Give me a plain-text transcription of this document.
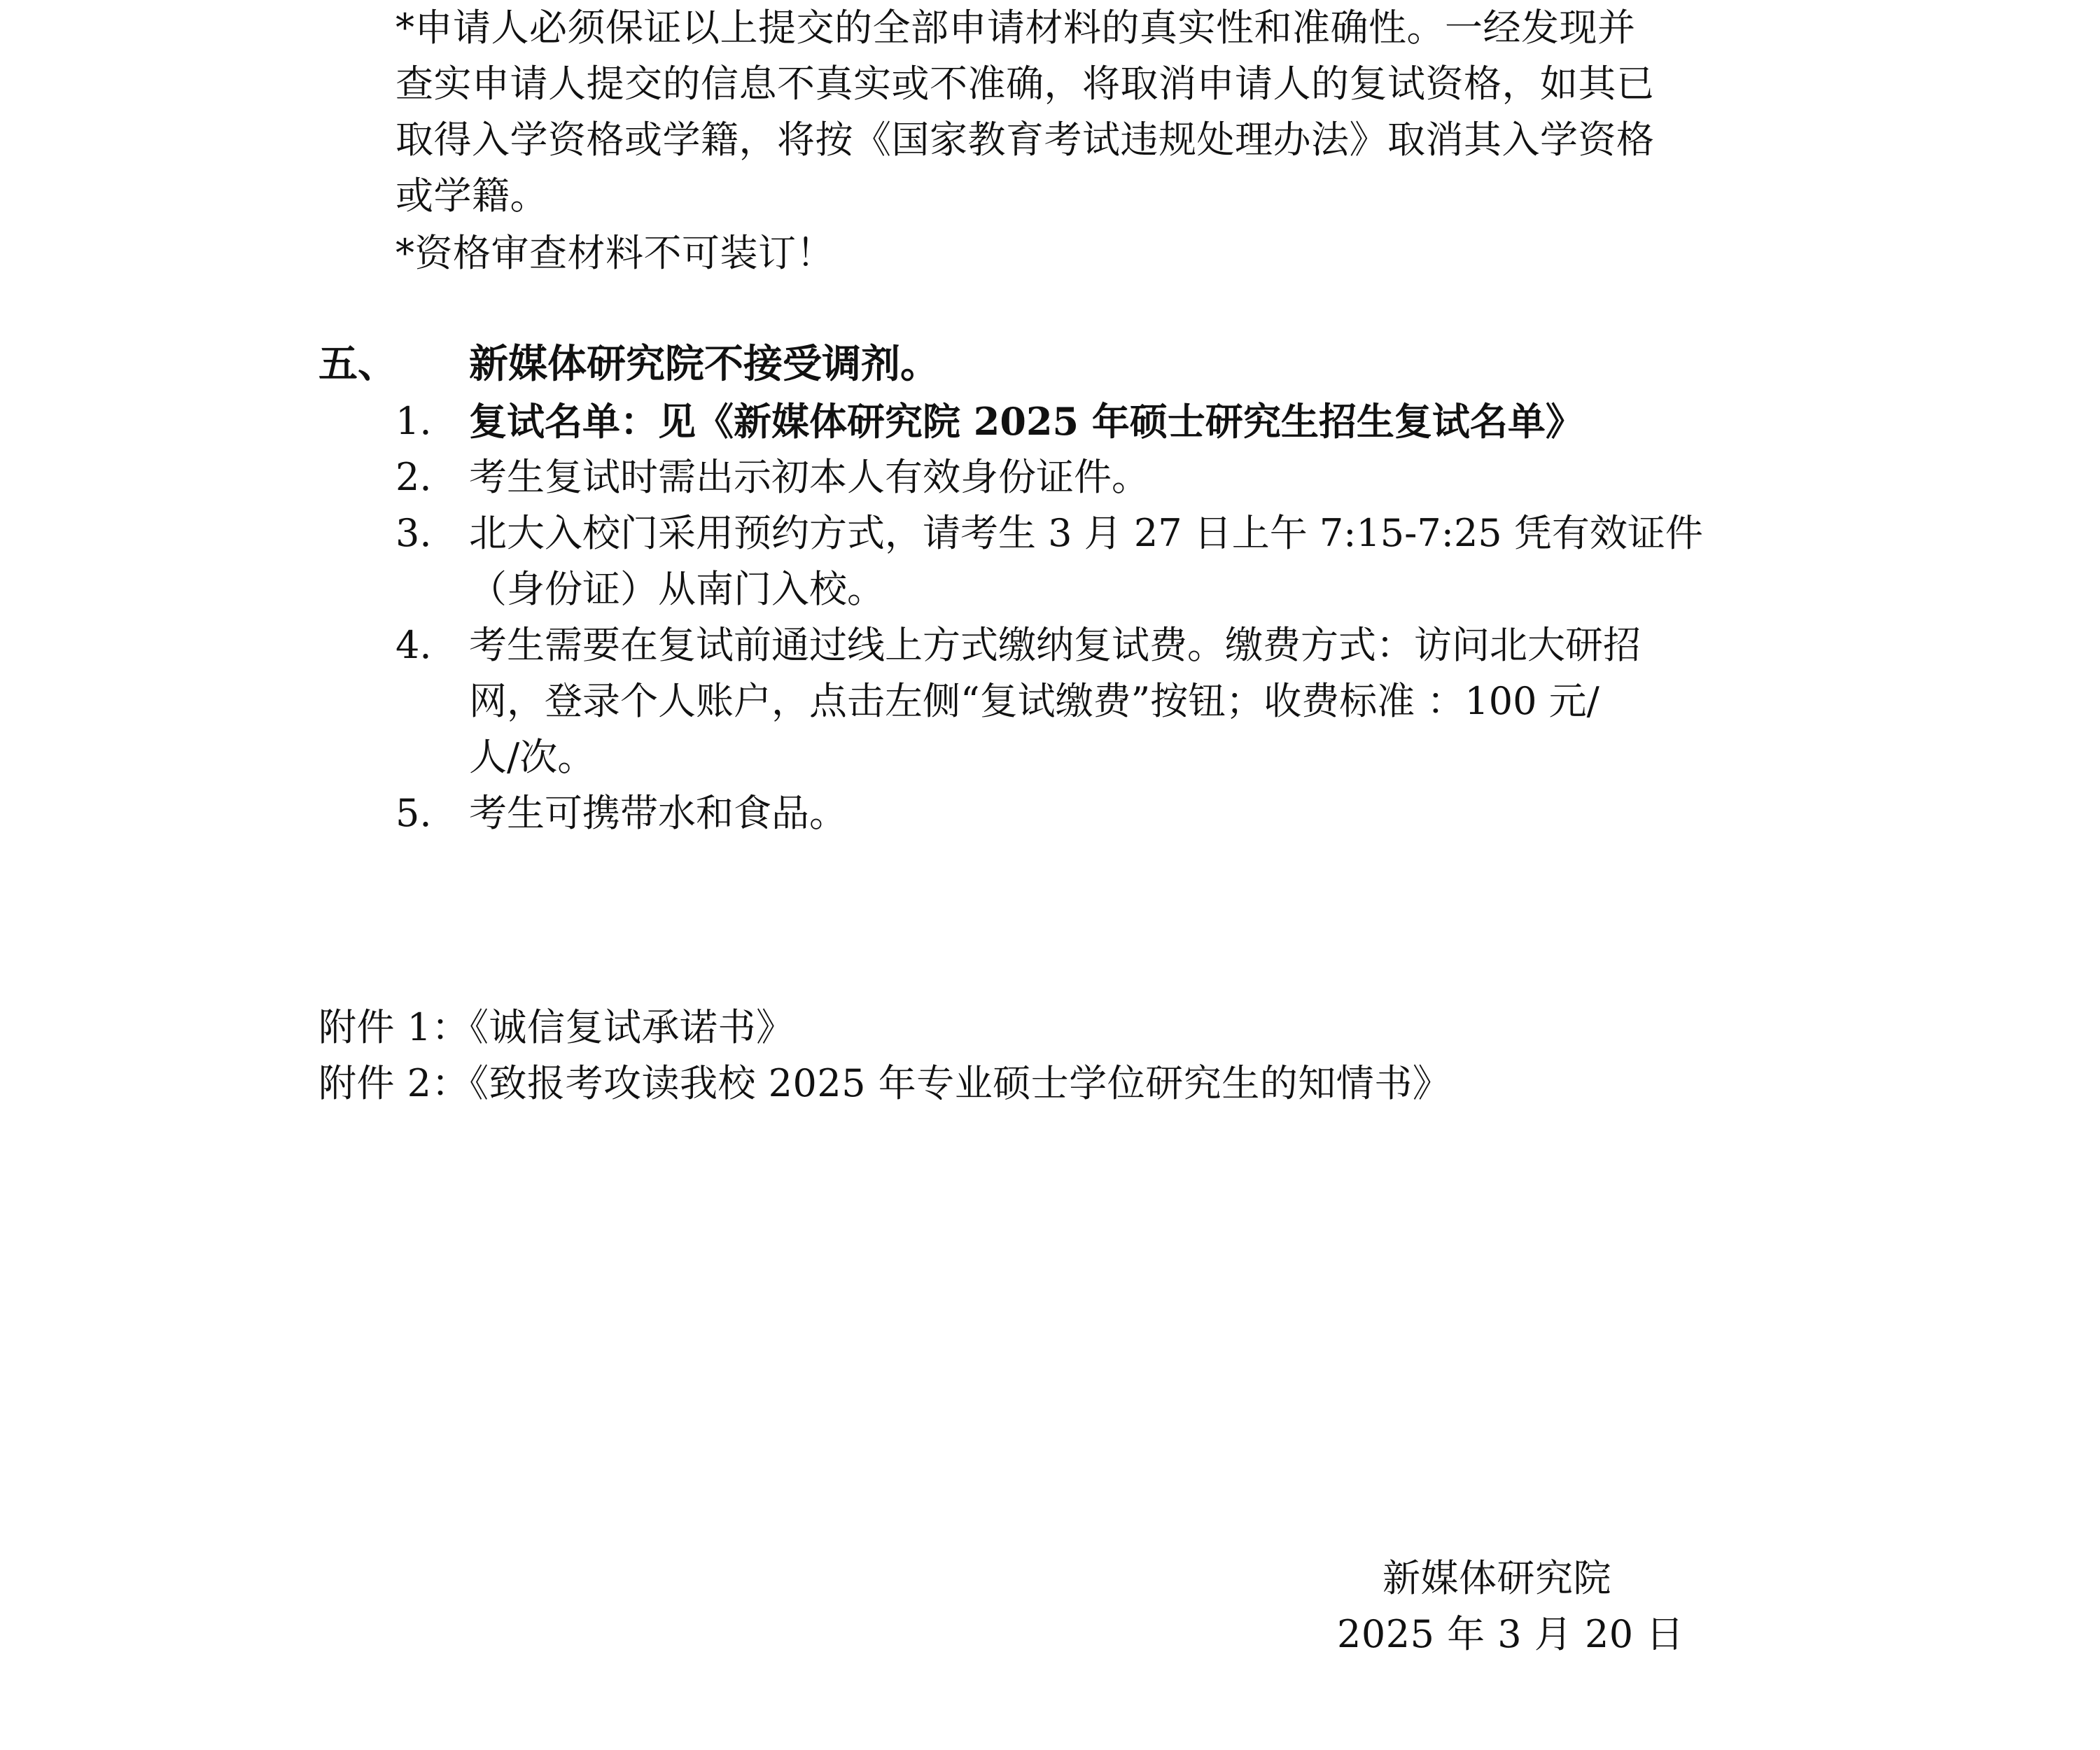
*申请人必须保证以上提交的全部申请材料的真实性和准确性。一经发现并
查实申请人提交的信息不真实或不准确，将取消申请人的复试资格，如其已
取得入学资格或学籍，将按《国家教育考试违规处理办法》取消其入学资格
或学籍。
*资格审查材料不可装订！
五、 新媒体研究院不接受调剂。
1. 复试名单：见《新媒体研究院 2025 年硕士研究生招生复试名单》
2. 考生复试时需出示初本人有效身份证件。
3. 北大入校门采用预约方式，请考生 3 月 27 日上午 7:15-7:25 凭有效证件
（身份证）从南门入校。
4. 考生需要在复试前通过线上方式缴纳复试费。缴费方式：访问北大研招
网，登录个人账户，点击左侧“复试缴费”按钮；收费标准 ：100 元/
人/次。
5. 考生可携带水和食品。
附件 1：《诚信复试承诺书》
附件 2：《致报考攻读我校 2025 年专业硕士学位研究生的知情书》
新媒体研究院
2025 年 3 月 20 日
